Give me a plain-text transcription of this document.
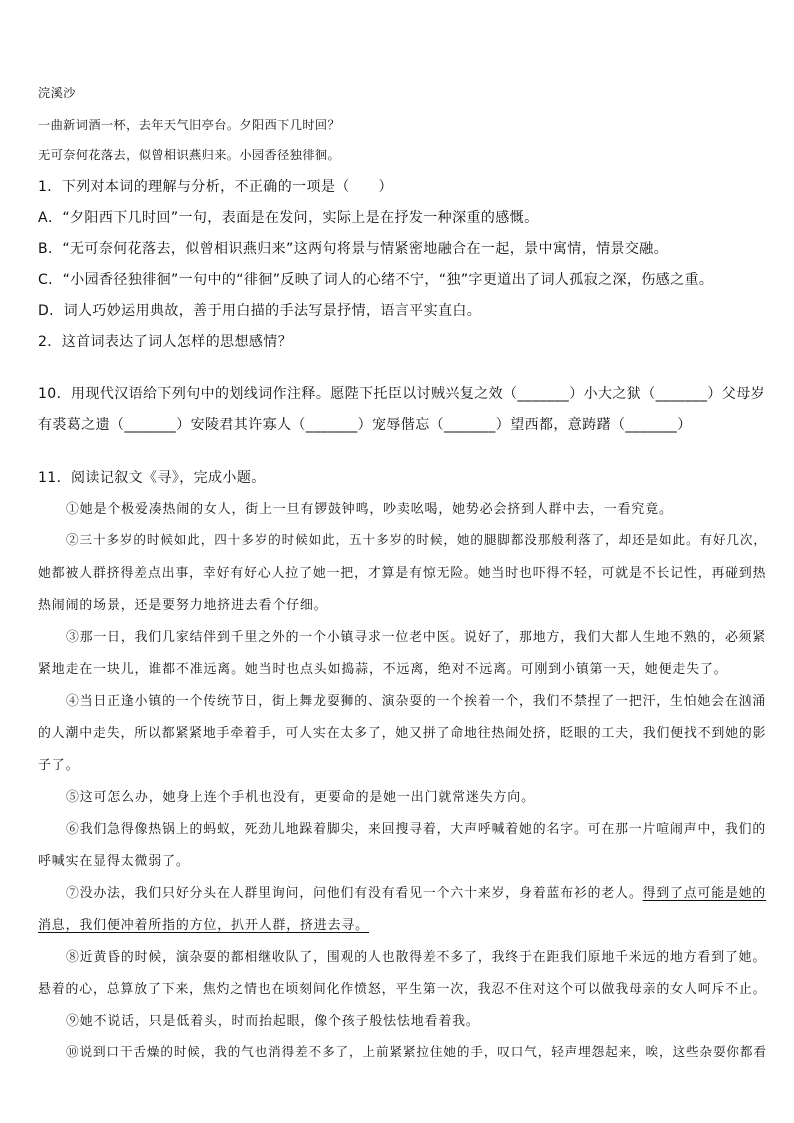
浣溪沙
一曲新词酒一杯，去年天气旧亭台。夕阳西下几时回？
无可奈何花落去，似曾相识燕归来。小园香径独徘徊。
1．下列对本词的理解与分析，不正确的一项是（　　）
A．“夕阳西下几时回”一句，表面是在发问，实际上是在抒发一种深重的感慨。
B．“无可奈何花落去，似曾相识燕归来”这两句将景与情紧密地融合在一起，景中寓情，情景交融。
C．“小园香径独徘徊”一句中的“徘徊”反映了词人的心绪不宁，“独”字更道出了词人孤寂之深，伤感之重。
D．词人巧妙运用典故，善于用白描的手法写景抒情，语言平实直白。
2．这首词表达了词人怎样的思想感情？
10．用现代汉语给下列句中的划线词作注释。愿陛下托臣以讨贼兴复之效（_______）小大之狱（_______）父母岁
有裘葛之遗（_______）安陵君其许寡人（_______）宠辱偕忘（_______）望西都，意踌躇（_______）
11．阅读记叙文《寻》，完成小题。
①她是个极爱凑热闹的女人，街上一旦有锣鼓钟鸣，吵卖吆喝，她势必会挤到人群中去，一看究竟。
②三十多岁的时候如此，四十多岁的时候如此，五十多岁的时候，她的腿脚都没那般利落了，却还是如此。有好几次，
她都被人群挤得差点出事，幸好有好心人拉了她一把，才算是有惊无险。她当时也吓得不轻，可就是不长记性，再碰到热
热闹闹的场景，还是要努力地挤进去看个仔细。
③那一日，我们几家结伴到千里之外的一个小镇寻求一位老中医。说好了，那地方，我们大都人生地不熟的，必须紧
紧地走在一块儿，谁都不准远离。她当时也点头如捣蒜，不远离，绝对不远离。可刚到小镇第一天，她便走失了。
④当日正逢小镇的一个传统节日，街上舞龙耍狮的、演杂耍的一个挨着一个，我们不禁捏了一把汗，生怕她会在汹涌
的人潮中走失，所以都紧紧地手牵着手，可人实在太多了，她又拼了命地往热闹处挤，眨眼的工夫，我们便找不到她的影
子了。
⑤这可怎么办，她身上连个手机也没有，更要命的是她一出门就常迷失方向。
⑥我们急得像热锅上的蚂蚁，死劲儿地跺着脚尖，来回搜寻着，大声呼喊着她的名字。可在那一片喧闹声中，我们的
呼喊实在显得太微弱了。
⑦没办法，我们只好分头在人群里询问，问他们有没有看见一个六十来岁，身着蓝布衫的老人。得到了点可能是她的
消息，我们便冲着所指的方位，扒开人群，挤进去寻。
⑧近黄昏的时候，演杂耍的都相继收队了，围观的人也散得差不多了，我终于在距我们原地千米远的地方看到了她。
悬着的心，总算放了下来，焦灼之情也在顷刻间化作愤怒，平生第一次，我忍不住对这个可以做我母亲的女人呵斥不止。
⑨她不说话，只是低着头，时而抬起眼，像个孩子般怯怯地看着我。
⑩说到口干舌燥的时候，我的气也消得差不多了，上前紧紧拉住她的手，叹口气，轻声埋怨起来，唉，这些杂耍你都看
